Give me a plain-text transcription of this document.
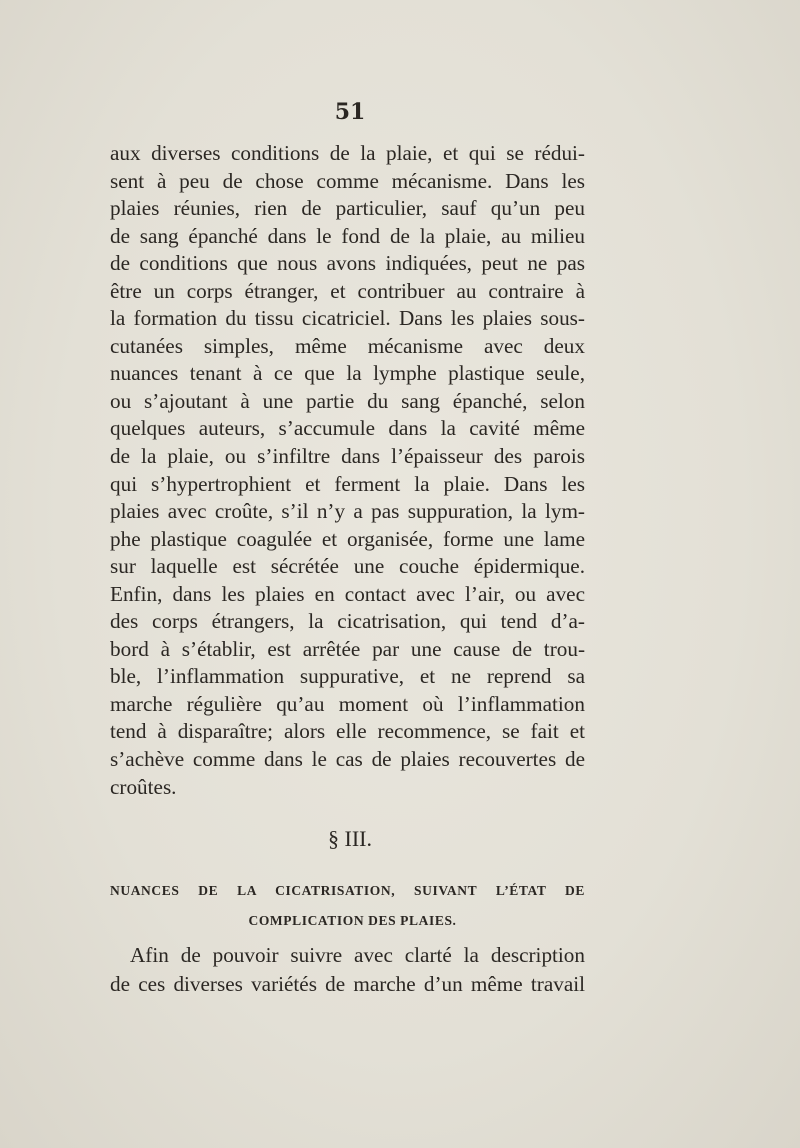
51
aux diverses conditions de la plaie, et qui se rédui-
sent à peu de chose comme mécanisme. Dans les
plaies réunies, rien de particulier, sauf qu’un peu
de sang épanché dans le fond de la plaie, au milieu
de conditions que nous avons indiquées, peut ne pas
être un corps étranger, et contribuer au contraire à
la formation du tissu cicatriciel. Dans les plaies sous-
cutanées simples, même mécanisme avec deux
nuances tenant à ce que la lymphe plastique seule,
ou s’ajoutant à une partie du sang épanché, selon
quelques auteurs, s’accumule dans la cavité même
de la plaie, ou s’infiltre dans l’épaisseur des parois
qui s’hypertrophient et ferment la plaie. Dans les
plaies avec croûte, s’il n’y a pas suppuration, la lym-
phe plastique coagulée et organisée, forme une lame
sur laquelle est sécrétée une couche épidermique.
Enfin, dans les plaies en contact avec l’air, ou avec
des corps étrangers, la cicatrisation, qui tend d’a-
bord à s’établir, est arrêtée par une cause de trou-
ble, l’inflammation suppurative, et ne reprend sa
marche régulière qu’au moment où l’inflammation
tend à disparaître; alors elle recommence, se fait et
s’achève comme dans le cas de plaies recouvertes de
croûtes.
§ III.
NUANCES DE LA CICATRISATION, SUIVANT L’ÉTAT DE
COMPLICATION DES PLAIES.
Afin de pouvoir suivre avec clarté la description
de ces diverses variétés de marche d’un même travail
